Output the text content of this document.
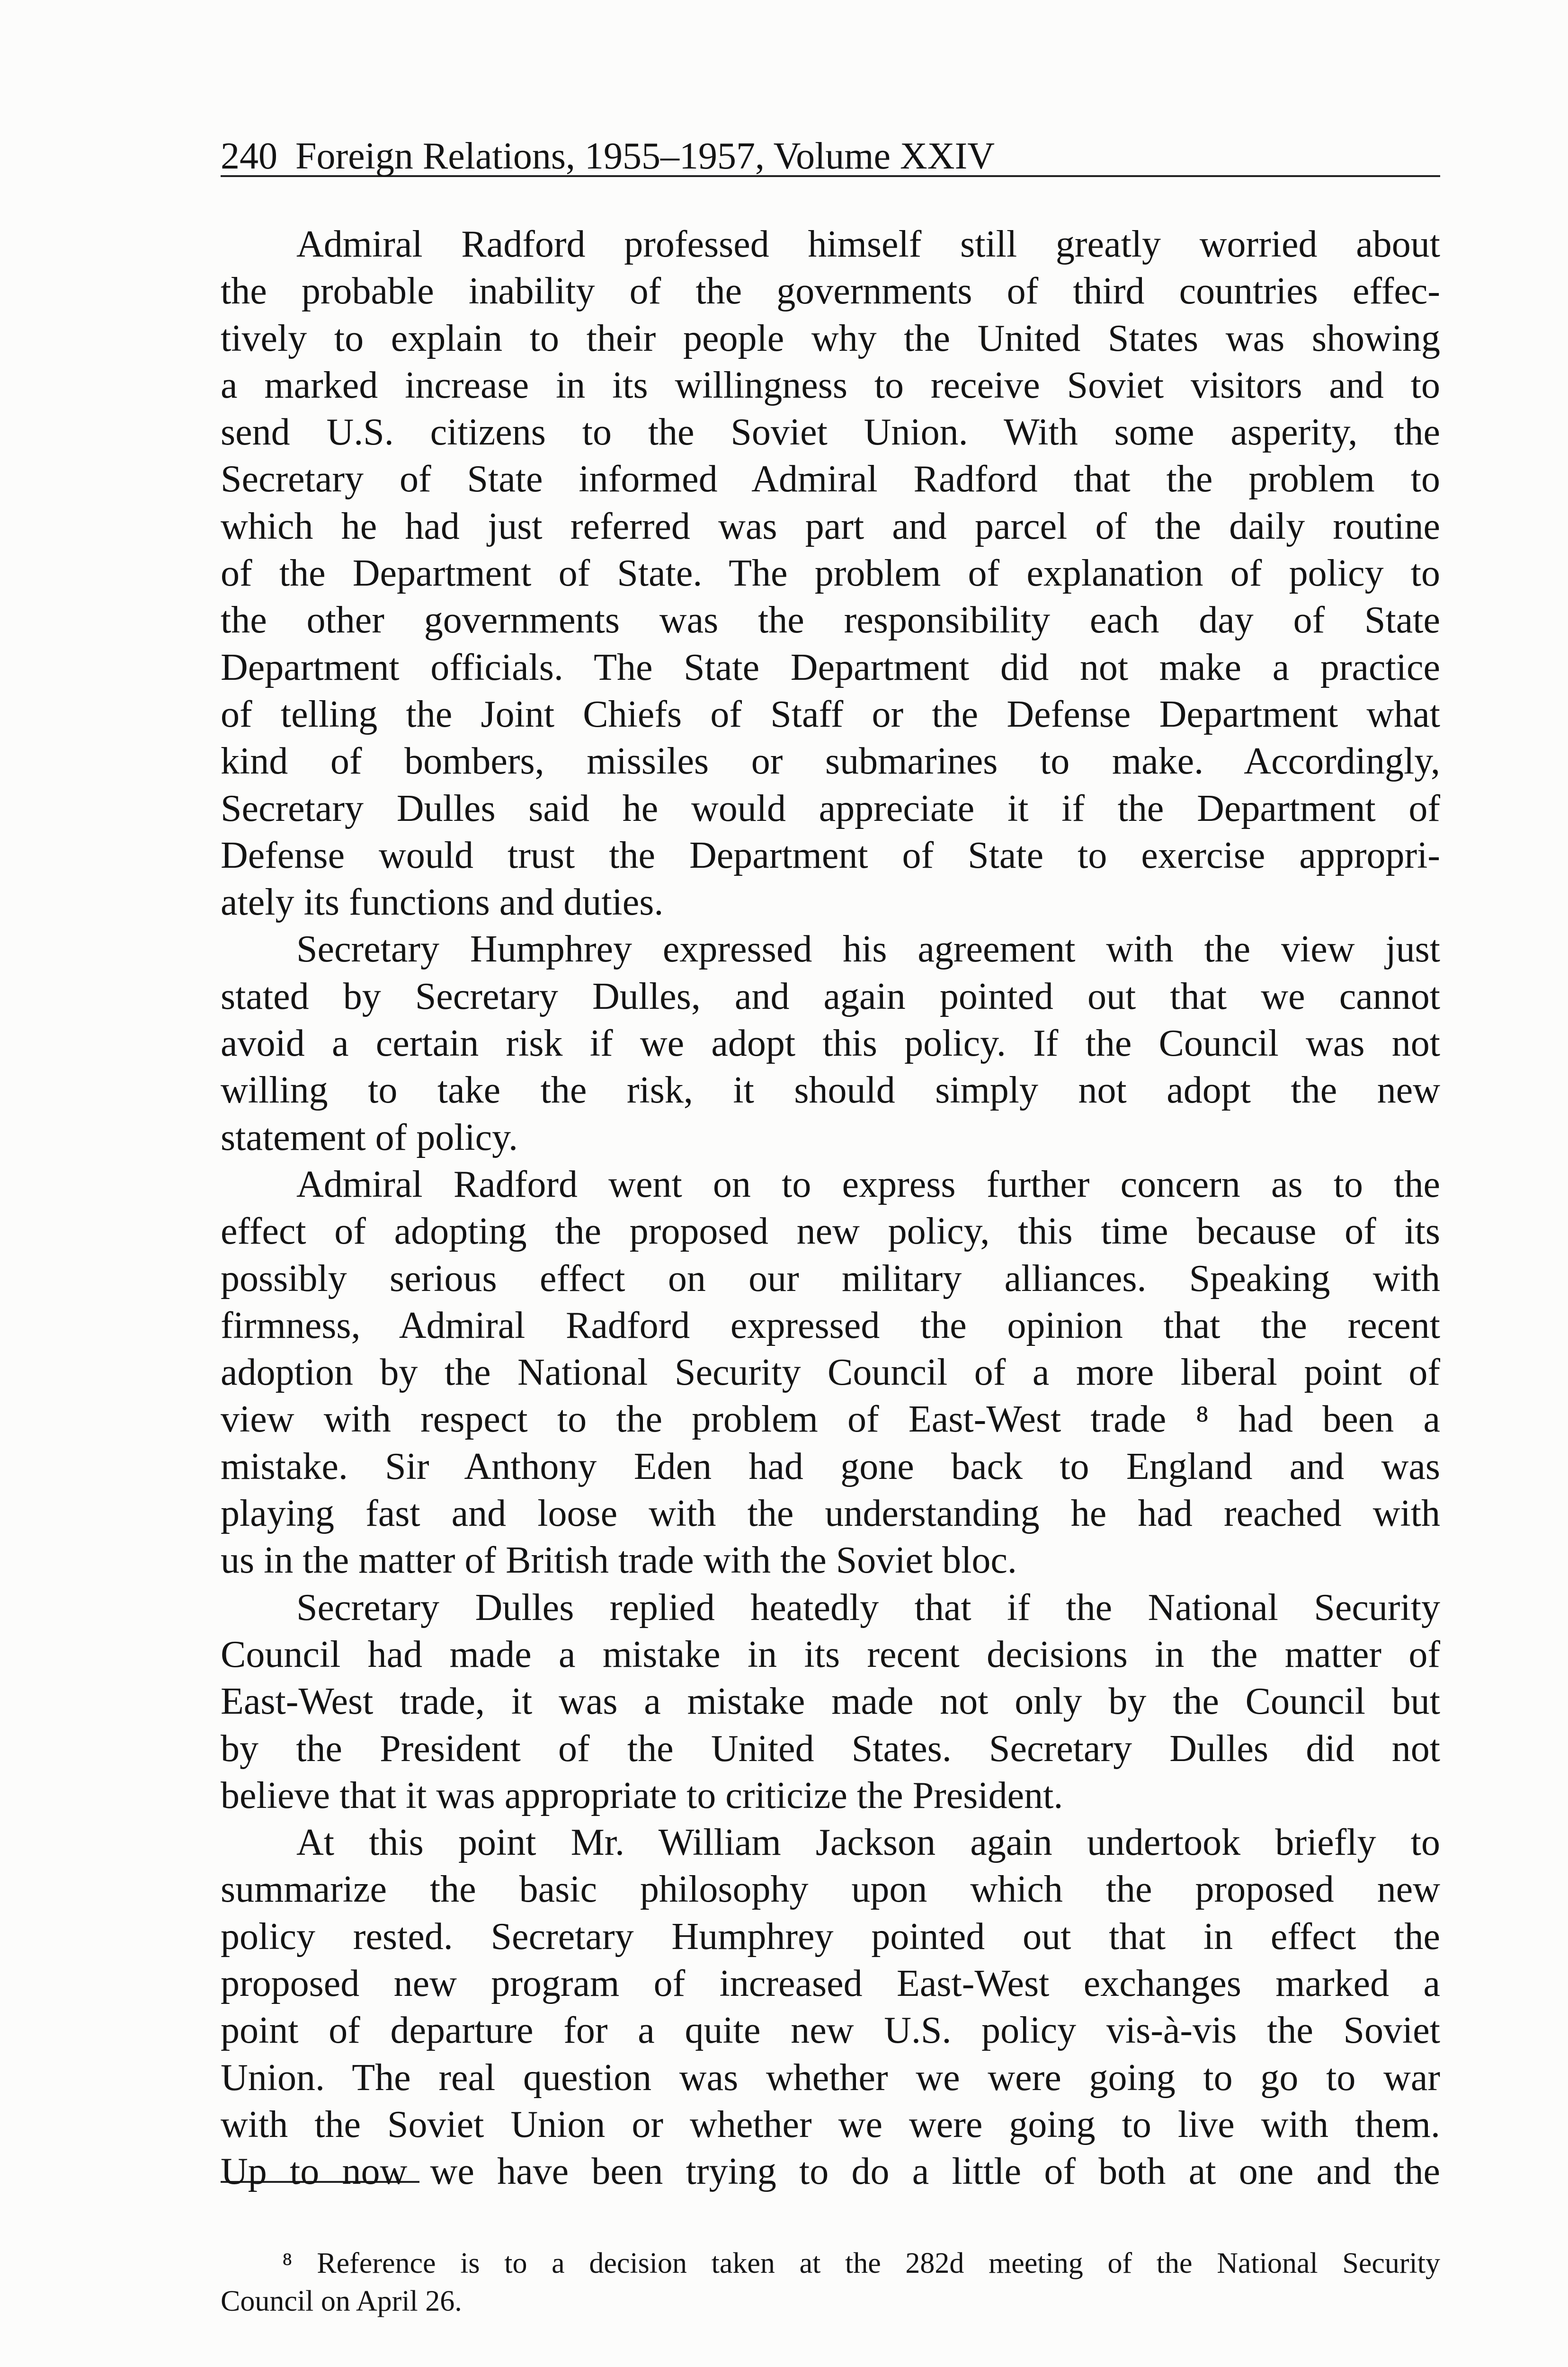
240 Foreign Relations, 1955–1957, Volume XXIV
Admiral Radford professed himself still greatly worried about
the probable inability of the governments of third countries effec-
tively to explain to their people why the United States was showing
a marked increase in its willingness to receive Soviet visitors and to
send U.S. citizens to the Soviet Union. With some asperity, the
Secretary of State informed Admiral Radford that the problem to
which he had just referred was part and parcel of the daily routine
of the Department of State. The problem of explanation of policy to
the other governments was the responsibility each day of State
Department officials. The State Department did not make a practice
of telling the Joint Chiefs of Staff or the Defense Department what
kind of bombers, missiles or submarines to make. Accordingly,
Secretary Dulles said he would appreciate it if the Department of
Defense would trust the Department of State to exercise appropri-
ately its functions and duties.
Secretary Humphrey expressed his agreement with the view just
stated by Secretary Dulles, and again pointed out that we cannot
avoid a certain risk if we adopt this policy. If the Council was not
willing to take the risk, it should simply not adopt the new
statement of policy.
Admiral Radford went on to express further concern as to the
effect of adopting the proposed new policy, this time because of its
possibly serious effect on our military alliances. Speaking with
firmness, Admiral Radford expressed the opinion that the recent
adoption by the National Security Council of a more liberal point of
view with respect to the problem of East-West trade ⁸ had been a
mistake. Sir Anthony Eden had gone back to England and was
playing fast and loose with the understanding he had reached with
us in the matter of British trade with the Soviet bloc.
Secretary Dulles replied heatedly that if the National Security
Council had made a mistake in its recent decisions in the matter of
East-West trade, it was a mistake made not only by the Council but
by the President of the United States. Secretary Dulles did not
believe that it was appropriate to criticize the President.
At this point Mr. William Jackson again undertook briefly to
summarize the basic philosophy upon which the proposed new
policy rested. Secretary Humphrey pointed out that in effect the
proposed new program of increased East-West exchanges marked a
point of departure for a quite new U.S. policy vis-à-vis the Soviet
Union. The real question was whether we were going to go to war
with the Soviet Union or whether we were going to live with them.
Up to now we have been trying to do a little of both at one and the
⁸ Reference is to a decision taken at the 282d meeting of the National Security
Council on April 26.
